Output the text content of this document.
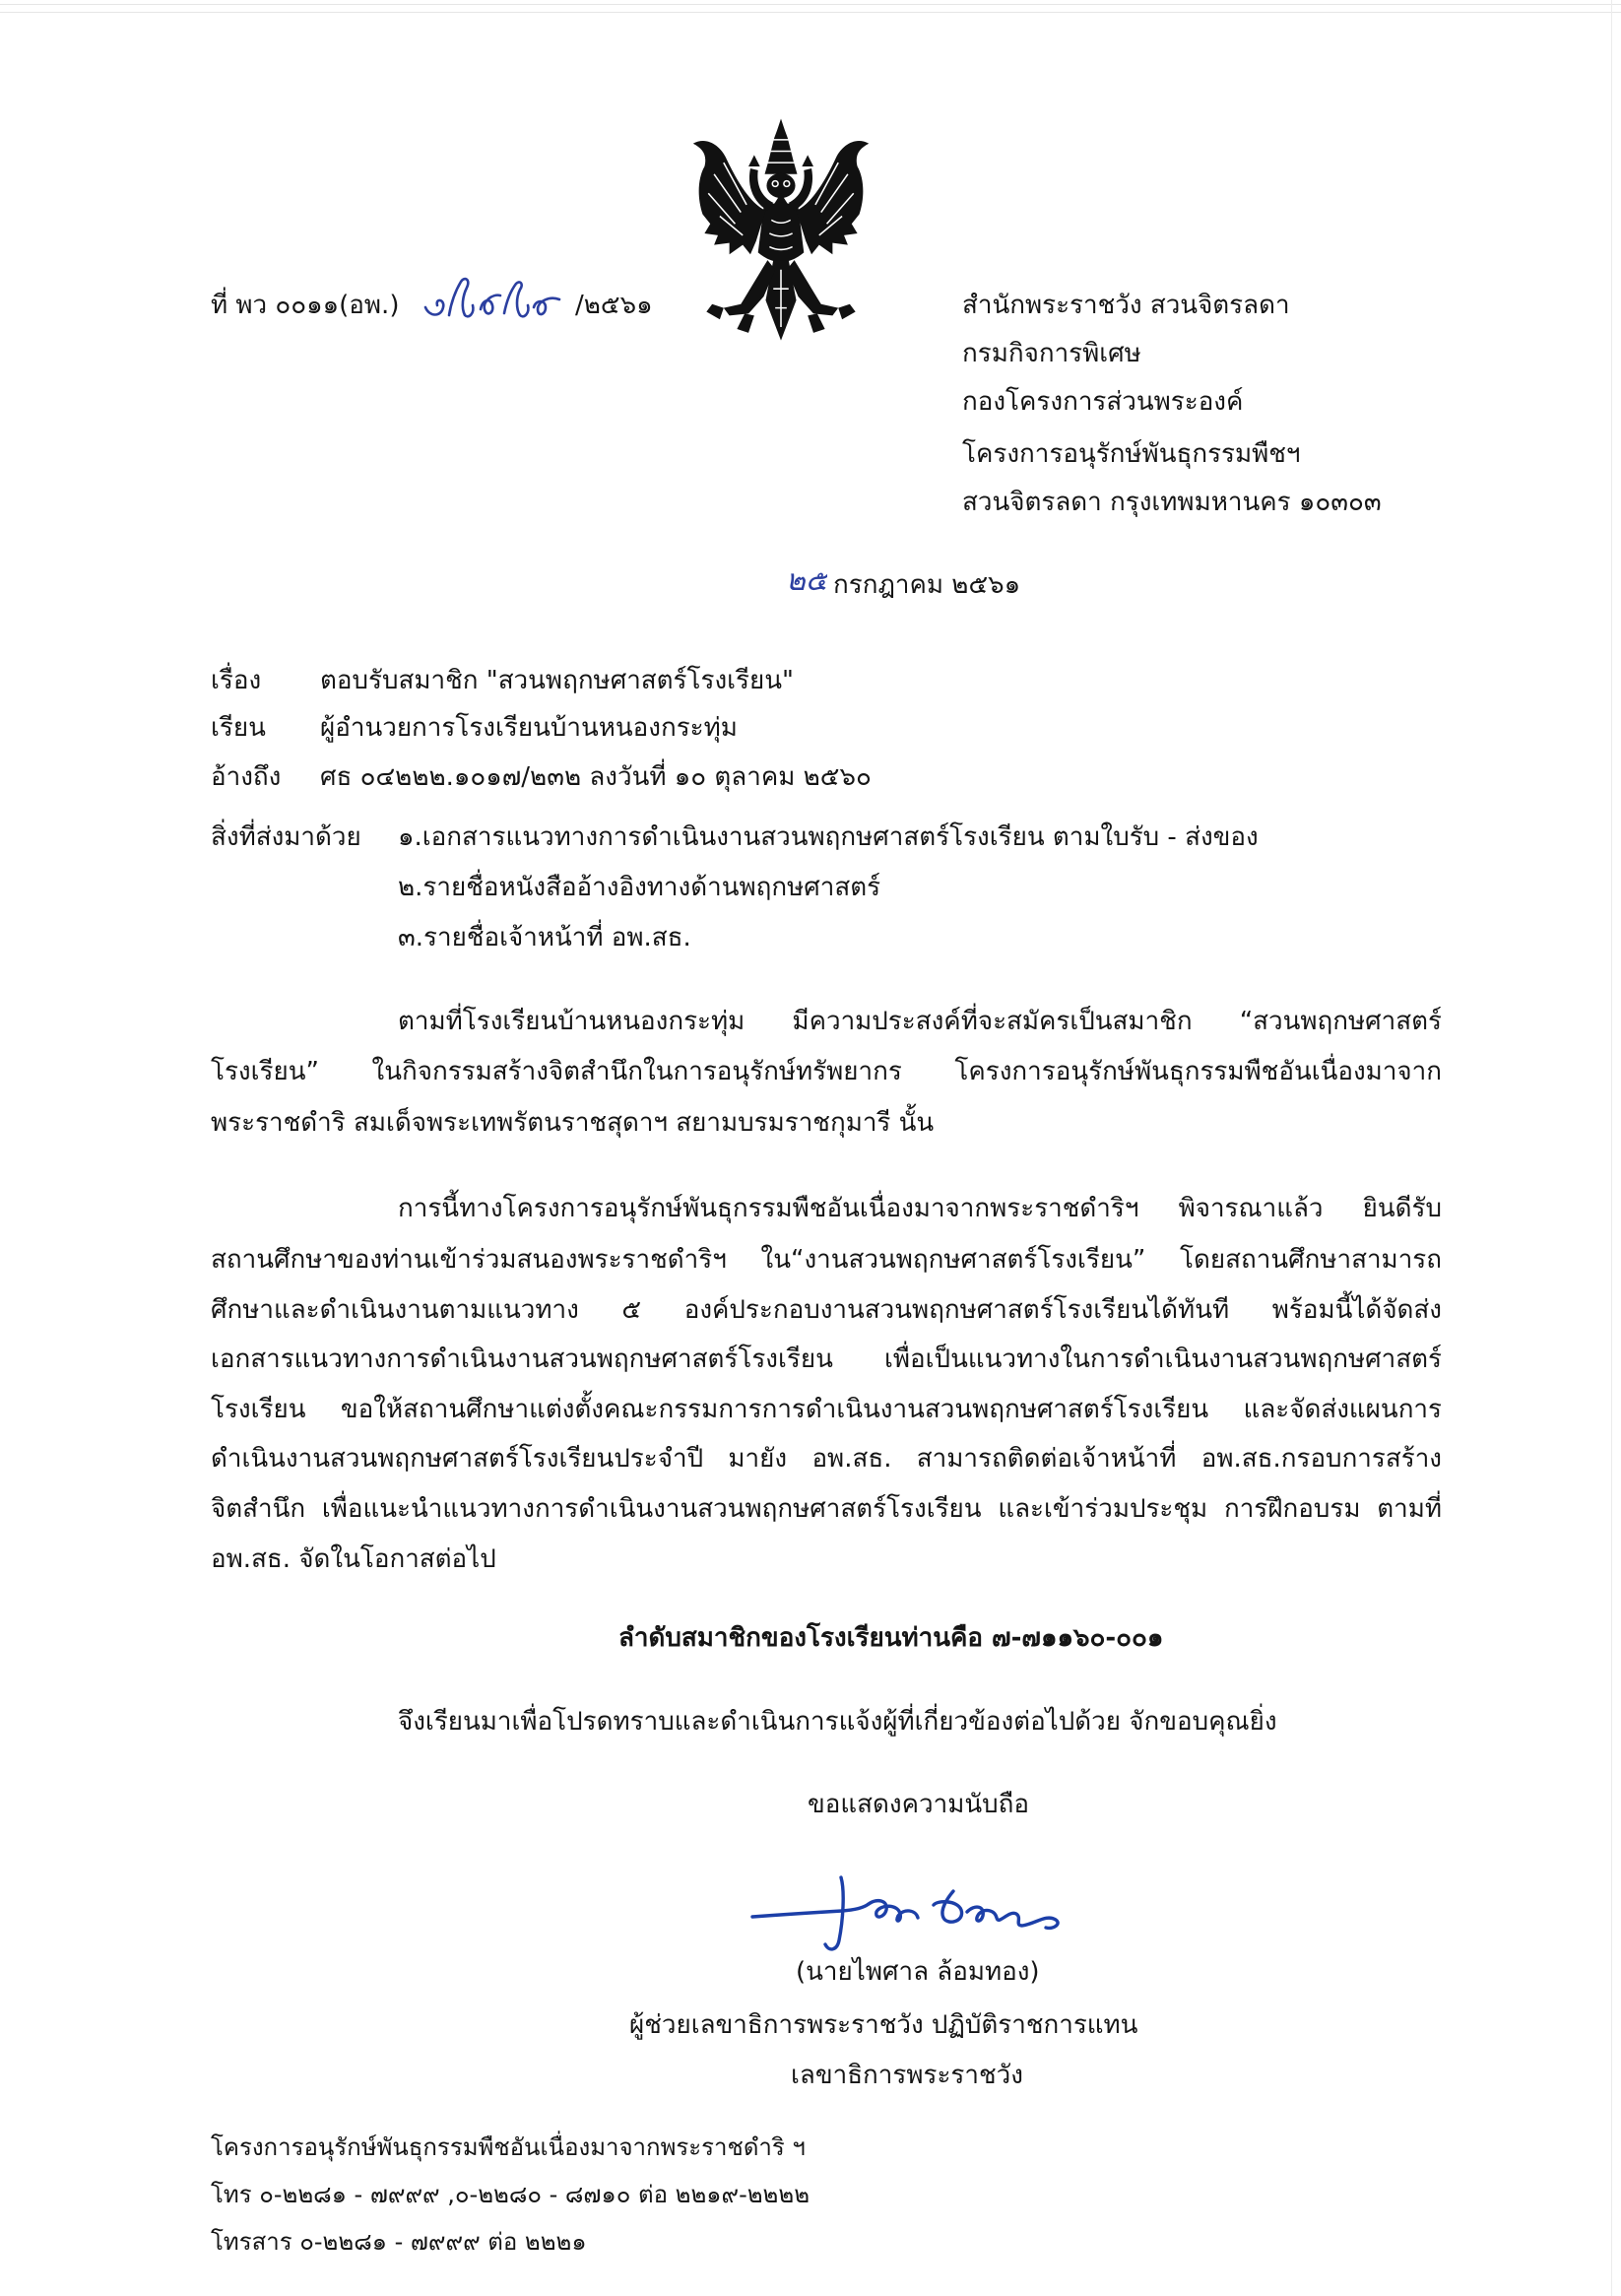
ที่ พว ๐๐๑๑(อพ.)	/๒๕๖๑	สำนักพระราชวัง สวนจิตรลดา
กรมกิจการพิเศษ
กองโครงการส่วนพระองค์
โครงการอนุรักษ์พันธุกรรมพืชฯ
สวนจิตรลดา กรุงเทพมหานคร ๑๐๓๐๓
๒๕ กรกฎาคม ๒๕๖๑
เรื่อง ตอบรับสมาชิก "สวนพฤกษศาสตร์โรงเรียน"
เรียน ผู้อำนวยการโรงเรียนบ้านหนองกระทุ่ม
อ้างถึง ศธ ๐๔๒๒๒.๑๐๑๗/๒๓๒ ลงวันที่ ๑๐ ตุลาคม ๒๕๖๐
สิ่งที่ส่งมาด้วย ๑.เอกสารแนวทางการดำเนินงานสวนพฤกษศาสตร์โรงเรียน ตามใบรับ - ส่งของ
๒.รายชื่อหนังสืออ้างอิงทางด้านพฤกษศาสตร์
๓.รายชื่อเจ้าหน้าที่ อพ.สธ.
ตามที่โรงเรียนบ้านหนองกระทุ่ม มีความประสงค์ที่จะสมัครเป็นสมาชิก “สวนพฤกษศาสตร์
โรงเรียน” ในกิจกรรมสร้างจิตสำนึกในการอนุรักษ์ทรัพยากร โครงการอนุรักษ์พันธุกรรมพืชอันเนื่องมาจาก
พระราชดำริ สมเด็จพระเทพรัตนราชสุดาฯ สยามบรมราชกุมารี นั้น
การนี้ทางโครงการอนุรักษ์พันธุกรรมพืชอันเนื่องมาจากพระราชดำริฯ พิจารณาแล้ว ยินดีรับ
สถานศึกษาของท่านเข้าร่วมสนองพระราชดำริฯ ใน“งานสวนพฤกษศาสตร์โรงเรียน” โดยสถานศึกษาสามารถ
ศึกษาและดำเนินงานตามแนวทาง ๕ องค์ประกอบงานสวนพฤกษศาสตร์โรงเรียนได้ทันที พร้อมนี้ได้จัดส่ง
เอกสารแนวทางการดำเนินงานสวนพฤกษศาสตร์โรงเรียน เพื่อเป็นแนวทางในการดำเนินงานสวนพฤกษศาสตร์
โรงเรียน ขอให้สถานศึกษาแต่งตั้งคณะกรรมการการดำเนินงานสวนพฤกษศาสตร์โรงเรียน และจัดส่งแผนการ
ดำเนินงานสวนพฤกษศาสตร์โรงเรียนประจำปี มายัง อพ.สธ. สามารถติดต่อเจ้าหน้าที่ อพ.สธ.กรอบการสร้าง
จิตสำนึก เพื่อแนะนำแนวทางการดำเนินงานสวนพฤกษศาสตร์โรงเรียน และเข้าร่วมประชุม การฝึกอบรม ตามที่
อพ.สธ. จัดในโอกาสต่อไป
ลำดับสมาชิกของโรงเรียนท่านคือ ๗-๗๑๑๖๐-๐๐๑
จึงเรียนมาเพื่อโปรดทราบและดำเนินการแจ้งผู้ที่เกี่ยวข้องต่อไปด้วย จักขอบคุณยิ่ง
ขอแสดงความนับถือ
(นายไพศาล ล้อมทอง)
ผู้ช่วยเลขาธิการพระราชวัง ปฏิบัติราชการแทน
เลขาธิการพระราชวัง
โครงการอนุรักษ์พันธุกรรมพืชอันเนื่องมาจากพระราชดำริ ฯ
โทร ๐-๒๒๘๑ - ๗๙๙๙ ,๐-๒๒๘๐ - ๘๗๑๐ ต่อ ๒๒๑๙-๒๒๒๒
โทรสาร ๐-๒๒๘๑ - ๗๙๙๙ ต่อ ๒๒๒๑
